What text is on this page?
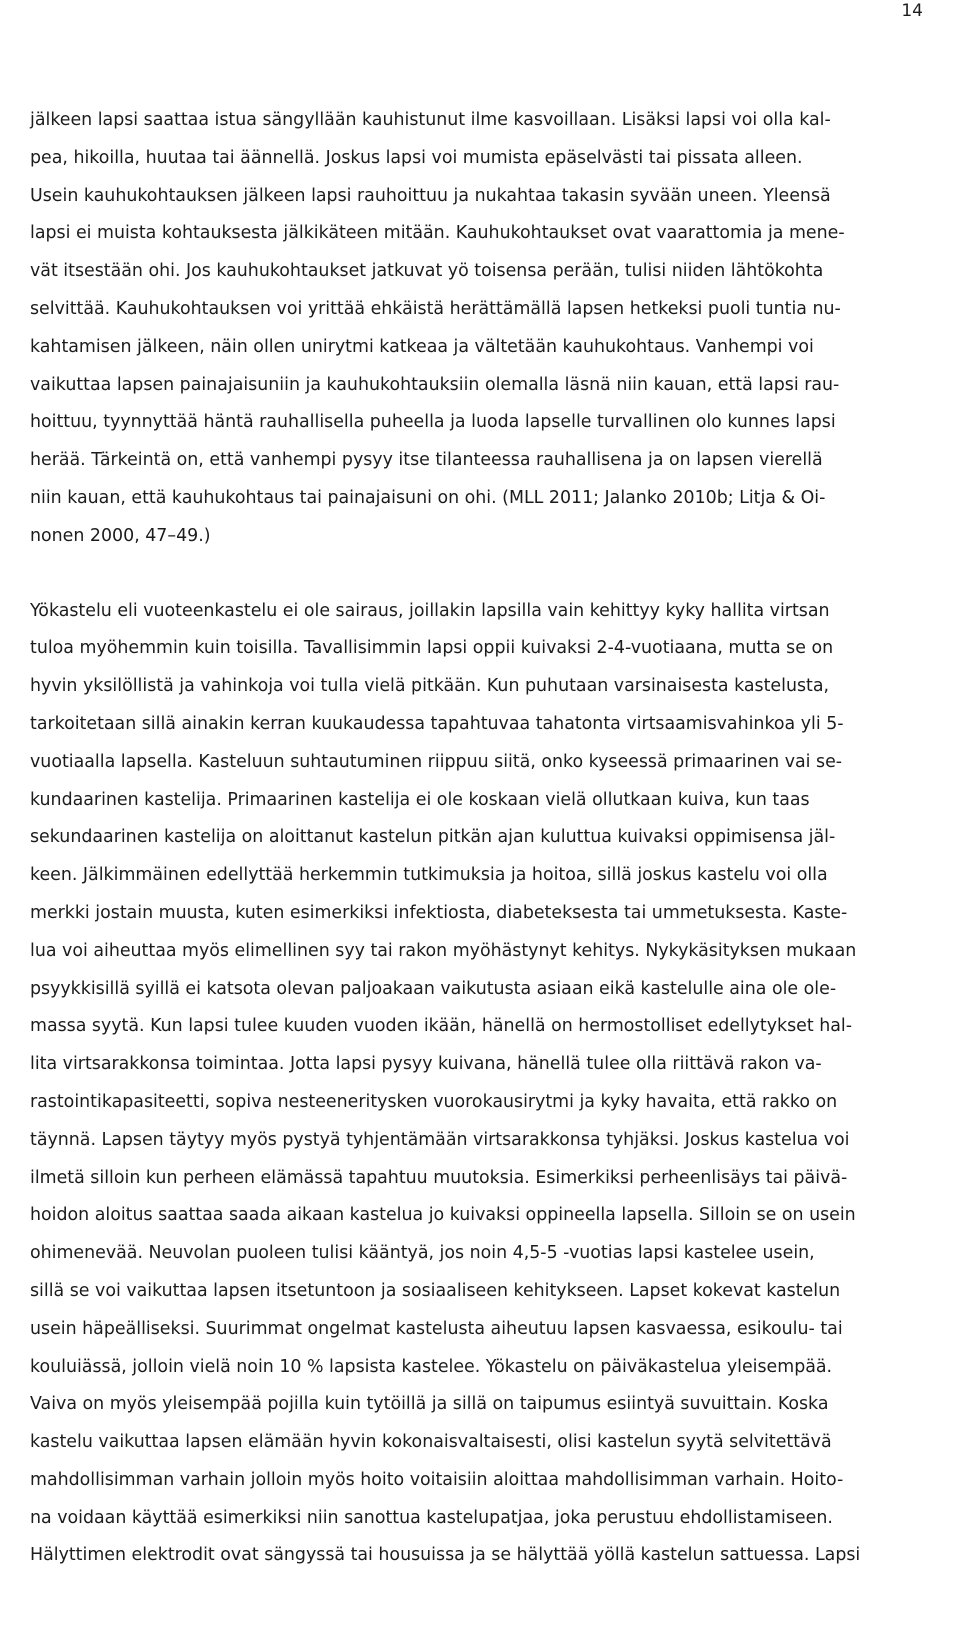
14
jälkeen lapsi saattaa istua sängyllään kauhistunut ilme kasvoillaan. Lisäksi lapsi voi olla kal-
pea, hikoilla, huutaa tai äännellä. Joskus lapsi voi mumista epäselvästi tai pissata alleen.
Usein kauhukohtauksen jälkeen lapsi rauhoittuu ja nukahtaa takasin syvään uneen. Yleensä
lapsi ei muista kohtauksesta jälkikäteen mitään. Kauhukohtaukset ovat vaarattomia ja mene-
vät itsestään ohi. Jos kauhukohtaukset jatkuvat yö toisensa perään, tulisi niiden lähtökohta
selvittää. Kauhukohtauksen voi yrittää ehkäistä herättämällä lapsen hetkeksi puoli tuntia nu-
kahtamisen jälkeen, näin ollen unirytmi katkeaa ja vältetään kauhukohtaus. Vanhempi voi
vaikuttaa lapsen painajaisuniin ja kauhukohtauksiin olemalla läsnä niin kauan, että lapsi rau-
hoittuu, tyynnyttää häntä rauhallisella puheella ja luoda lapselle turvallinen olo kunnes lapsi
herää. Tärkeintä on, että vanhempi pysyy itse tilanteessa rauhallisena ja on lapsen vierellä
niin kauan, että kauhukohtaus tai painajaisuni on ohi. (MLL 2011; Jalanko 2010b; Litja & Oi-
nonen 2000, 47–49.)
Yökastelu eli vuoteenkastelu ei ole sairaus, joillakin lapsilla vain kehittyy kyky hallita virtsan
tuloa myöhemmin kuin toisilla. Tavallisimmin lapsi oppii kuivaksi 2-4-vuotiaana, mutta se on
hyvin yksilöllistä ja vahinkoja voi tulla vielä pitkään. Kun puhutaan varsinaisesta kastelusta,
tarkoitetaan sillä ainakin kerran kuukaudessa tapahtuvaa tahatonta virtsaamisvahinkoa yli 5-
vuotiaalla lapsella. Kasteluun suhtautuminen riippuu siitä, onko kyseessä primaarinen vai se-
kundaarinen kastelija. Primaarinen kastelija ei ole koskaan vielä ollutkaan kuiva, kun taas
sekundaarinen kastelija on aloittanut kastelun pitkän ajan kuluttua kuivaksi oppimisensa jäl-
keen. Jälkimmäinen edellyttää herkemmin tutkimuksia ja hoitoa, sillä joskus kastelu voi olla
merkki jostain muusta, kuten esimerkiksi infektiosta, diabeteksesta tai ummetuksesta. Kaste-
lua voi aiheuttaa myös elimellinen syy tai rakon myöhästynyt kehitys. Nykykäsityksen mukaan
psyykkisillä syillä ei katsota olevan paljoakaan vaikutusta asiaan eikä kastelulle aina ole ole-
massa syytä. Kun lapsi tulee kuuden vuoden ikään, hänellä on hermostolliset edellytykset hal-
lita virtsarakkonsa toimintaa. Jotta lapsi pysyy kuivana, hänellä tulee olla riittävä rakon va-
rastointikapasiteetti, sopiva nesteeneritysken vuorokausirytmi ja kyky havaita, että rakko on
täynnä. Lapsen täytyy myös pystyä tyhjentämään virtsarakkonsa tyhjäksi. Joskus kastelua voi
ilmetä silloin kun perheen elämässä tapahtuu muutoksia. Esimerkiksi perheenlisäys tai päivä-
hoidon aloitus saattaa saada aikaan kastelua jo kuivaksi oppineella lapsella. Silloin se on usein
ohimenevää. Neuvolan puoleen tulisi kääntyä, jos noin 4,5-5 -vuotias lapsi kastelee usein,
sillä se voi vaikuttaa lapsen itsetuntoon ja sosiaaliseen kehitykseen. Lapset kokevat kastelun
usein häpeälliseksi. Suurimmat ongelmat kastelusta aiheutuu lapsen kasvaessa, esikoulu- tai
kouluiässä, jolloin vielä noin 10 % lapsista kastelee. Yökastelu on päiväkastelua yleisempää.
Vaiva on myös yleisempää pojilla kuin tytöillä ja sillä on taipumus esiintyä suvuittain. Koska
kastelu vaikuttaa lapsen elämään hyvin kokonaisvaltaisesti, olisi kastelun syytä selvitettävä
mahdollisimman varhain jolloin myös hoito voitaisiin aloittaa mahdollisimman varhain. Hoito-
na voidaan käyttää esimerkiksi niin sanottua kastelupatjaa, joka perustuu ehdollistamiseen.
Hälyttimen elektrodit ovat sängyssä tai housuissa ja se hälyttää yöllä kastelun sattuessa. Lapsi
